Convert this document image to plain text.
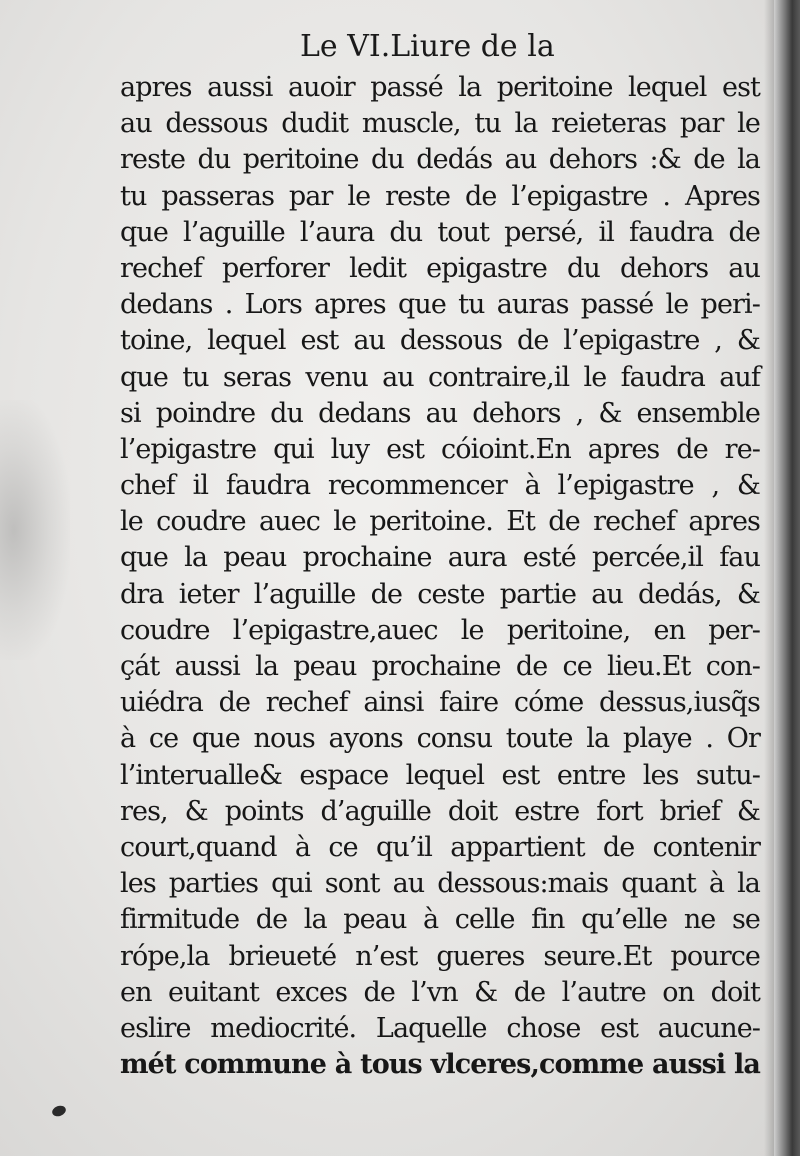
Le VI.Liure de la
apres aussi auoir passé la peritoine lequel est
au dessous dudit muscle, tu la reieteras par le
reste du peritoine du dedás au dehors :& de la
tu passeras par le reste de l’epigastre . Apres
que l’aguille l’aura du tout persé, il faudra de
rechef perforer ledit epigastre du dehors au
dedans . Lors apres que tu auras passé le peri-
toine, lequel est au dessous de l’epigastre , &
que tu seras venu au contraire,il le faudra auf
si poindre du dedans au dehors , & ensemble
l’epigastre qui luy est cóioint.En apres de re-
chef il faudra recommencer à l’epigastre , &
le coudre auec le peritoine. Et de rechef apres
que la peau prochaine aura esté percée,il fau
dra ieter l’aguille de ceste partie au dedás, &
coudre l’epigastre,auec le peritoine, en per-
çát aussi la peau prochaine de ce lieu.Et con-
uiédra de rechef ainsi faire cóme dessus,iusq̃s
à ce que nous ayons consu toute la playe . Or
l’interualle& espace lequel est entre les sutu-
res, & points d’aguille doit estre fort brief &
court,quand à ce qu’il appartient de contenir
les parties qui sont au dessous:mais quant à la
firmitude de la peau à celle fin qu’elle ne se
rópe,la brieueté n’est gueres seure.Et pource
en euitant exces de l’vn & de l’autre on doit
eslire mediocrité. Laquelle chose est aucune-
mét commune à tous vlceres,comme aussi la
